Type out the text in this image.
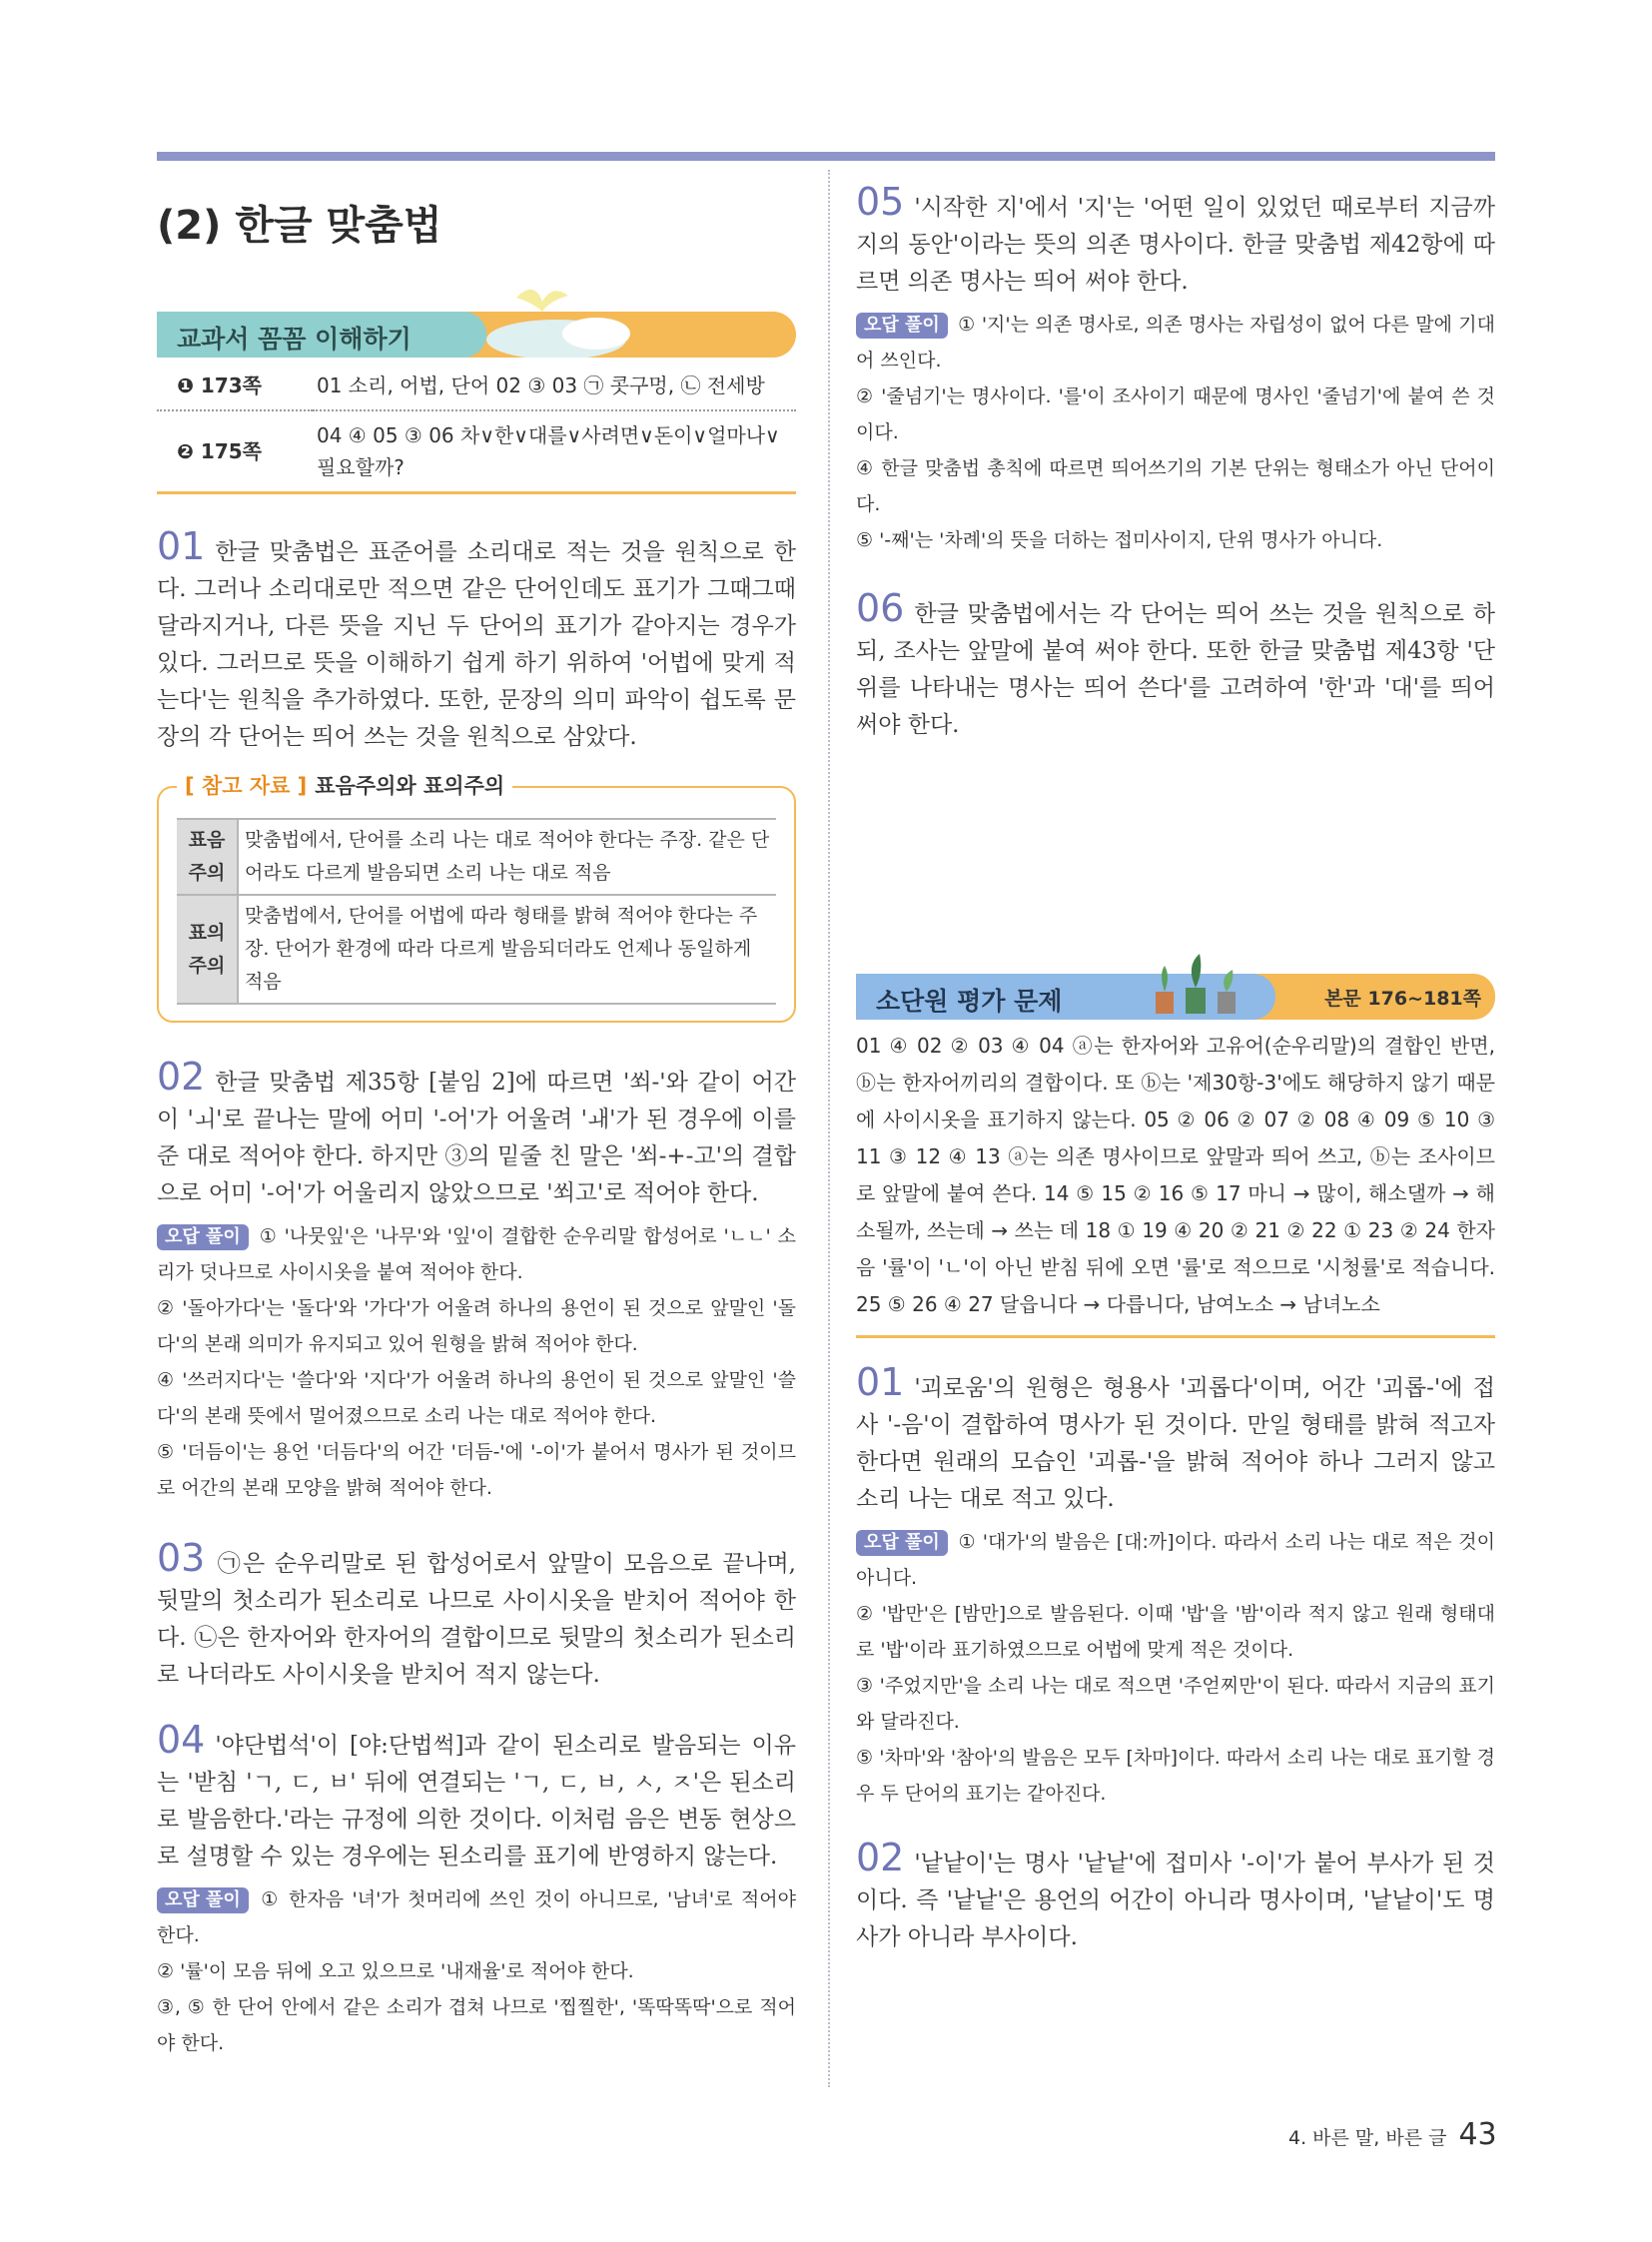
(2) 한글 맞춤법
교과서 꼼꼼 이해하기
❶ 173쪽	01 소리, 어법, 단어 02 ③ 03 ㉠ 콧구멍, ㉡ 전세방
❷ 175쪽	04 ④ 05 ③ 06 차∨한∨대를∨사려면∨돈이∨얼마나∨필요할까?

01 한글 맞춤법은 표준어를 소리대로 적는 것을 원칙으로 한다. 그러나 소리대로만 적으면 같은 단어인데도 표기가 그때그때 달라지거나, 다른 뜻을 지닌 두 단어의 표기가 같아지는 경우가 있다. 그러므로 뜻을 이해하기 쉽게 하기 위하여 '어법에 맞게 적는다'는 원칙을 추가하였다. 또한, 문장의 의미 파악이 쉽도록 문장의 각 단어는 띄어 쓰는 것을 원칙으로 삼았다.

[ 참고 자료 ] 표음주의와 표의주의
표음 주의	맞춤법에서, 단어를 소리 나는 대로 적어야 한다는 주장. 같은 단어라도 다르게 발음되면 소리 나는 대로 적음
표의 주의	맞춤법에서, 단어를 어법에 따라 형태를 밝혀 적어야 한다는 주장. 단어가 환경에 따라 다르게 발음되더라도 언제나 동일하게 적음

02 한글 맞춤법 제35항 [붙임 2]에 따르면 '쐬-'와 같이 어간이 'ㅚ'로 끝나는 말에 어미 '-어'가 어울려 'ㅙ'가 된 경우에 이를 준 대로 적어야 한다. 하지만 ③의 밑줄 친 말은 '쐬-+-고'의 결합으로 어미 '-어'가 어울리지 않았으므로 '쐬고'로 적어야 한다.

오답 풀이 ① '나뭇잎'은 '나무'와 '잎'이 결합한 순우리말 합성어로 'ㄴㄴ' 소리가 덧나므로 사이시옷을 붙여 적어야 한다.

② '돌아가다'는 '돌다'와 '가다'가 어울려 하나의 용언이 된 것으로 앞말인 '돌다'의 본래 의미가 유지되고 있어 원형을 밝혀 적어야 한다.

④ '쓰러지다'는 '쓸다'와 '지다'가 어울려 하나의 용언이 된 것으로 앞말인 '쓸다'의 본래 뜻에서 멀어졌으므로 소리 나는 대로 적어야 한다.

⑤ '더듬이'는 용언 '더듬다'의 어간 '더듬-'에 '-이'가 붙어서 명사가 된 것이므로 어간의 본래 모양을 밝혀 적어야 한다.

03 ㉠은 순우리말로 된 합성어로서 앞말이 모음으로 끝나며, 뒷말의 첫소리가 된소리로 나므로 사이시옷을 받치어 적어야 한다. ㉡은 한자어와 한자어의 결합이므로 뒷말의 첫소리가 된소리로 나더라도 사이시옷을 받치어 적지 않는다.

04 '야단법석'이 [야:단법썩]과 같이 된소리로 발음되는 이유는 '받침 'ㄱ, ㄷ, ㅂ' 뒤에 연결되는 'ㄱ, ㄷ, ㅂ, ㅅ, ㅈ'은 된소리로 발음한다.'라는 규정에 의한 것이다. 이처럼 음은 변동 현상으로 설명할 수 있는 경우에는 된소리를 표기에 반영하지 않는다.

오답 풀이 ① 한자음 '녀'가 첫머리에 쓰인 것이 아니므로, '남녀'로 적어야 한다.

② '률'이 모음 뒤에 오고 있으므로 '내재율'로 적어야 한다.

③, ⑤ 한 단어 안에서 같은 소리가 겹쳐 나므로 '찝찔한', '똑딱똑딱'으로 적어야 한다.

05 '시작한 지'에서 '지'는 '어떤 일이 있었던 때로부터 지금까지의 동안'이라는 뜻의 의존 명사이다. 한글 맞춤법 제42항에 따르면 의존 명사는 띄어 써야 한다.

오답 풀이 ① '지'는 의존 명사로, 의존 명사는 자립성이 없어 다른 말에 기대어 쓰인다.

② '줄넘기'는 명사이다. '를'이 조사이기 때문에 명사인 '줄넘기'에 붙여 쓴 것이다.

④ 한글 맞춤법 총칙에 따르면 띄어쓰기의 기본 단위는 형태소가 아닌 단어이다.

⑤ '-째'는 '차례'의 뜻을 더하는 접미사이지, 단위 명사가 아니다.

06 한글 맞춤법에서는 각 단어는 띄어 쓰는 것을 원칙으로 하되, 조사는 앞말에 붙여 써야 한다. 또한 한글 맞춤법 제43항 '단위를 나타내는 명사는 띄어 쓴다'를 고려하여 '한'과 '대'를 띄어 써야 한다.

소단원 평가 문제	본문 176~181쪽

01 ④ 02 ② 03 ④ 04 ⓐ는 한자어와 고유어(순우리말)의 결합인 반면, ⓑ는 한자어끼리의 결합이다. 또 ⓑ는 '제30항-3'에도 해당하지 않기 때문에 사이시옷을 표기하지 않는다. 05 ② 06 ② 07 ② 08 ④ 09 ⑤ 10 ③ 11 ③ 12 ④ 13 ⓐ는 의존 명사이므로 앞말과 띄어 쓰고, ⓑ는 조사이므로 앞말에 붙여 쓴다. 14 ⑤ 15 ② 16 ⑤ 17 마니 → 많이, 해소댈까 → 해소될까, 쓰는데 → 쓰는 데 18 ① 19 ④ 20 ② 21 ② 22 ① 23 ② 24 한자음 '률'이 'ㄴ'이 아닌 받침 뒤에 오면 '률'로 적으므로 '시청률'로 적습니다. 25 ⑤ 26 ④ 27 달읍니다 → 다릅니다, 남여노소 → 남녀노소

01 '괴로움'의 원형은 형용사 '괴롭다'이며, 어간 '괴롭-'에 접사 '-음'이 결합하여 명사가 된 것이다. 만일 형태를 밝혀 적고자 한다면 원래의 모습인 '괴롭-'을 밝혀 적어야 하나 그러지 않고 소리 나는 대로 적고 있다.

오답 풀이 ① '대가'의 발음은 [대:까]이다. 따라서 소리 나는 대로 적은 것이 아니다.

② '밥만'은 [밤만]으로 발음된다. 이때 '밥'을 '밤'이라 적지 않고 원래 형태대로 '밥'이라 표기하였으므로 어법에 맞게 적은 것이다.

③ '주었지만'을 소리 나는 대로 적으면 '주얻찌만'이 된다. 따라서 지금의 표기와 달라진다.

⑤ '차마'와 '참아'의 발음은 모두 [차마]이다. 따라서 소리 나는 대로 표기할 경우 두 단어의 표기는 같아진다.

02 '낱낱이'는 명사 '낱낱'에 접미사 '-이'가 붙어 부사가 된 것이다. 즉 '낱낱'은 용언의 어간이 아니라 명사이며, '낱낱이'도 명사가 아니라 부사이다.

4. 바른 말, 바른 글 43
